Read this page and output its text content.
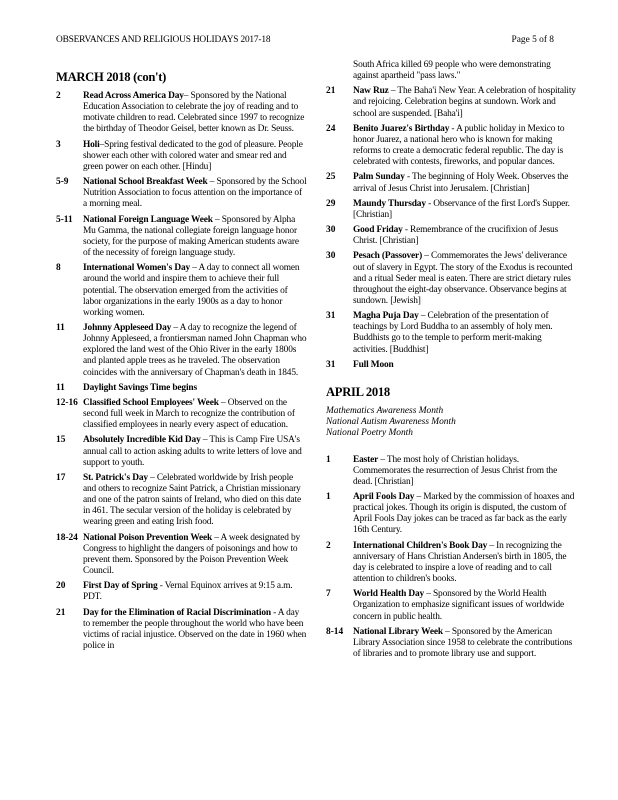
OBSERVANCES AND RELIGIOUS HOLIDAYS 2017-18	Page 5 of 8
MARCH 2018 (con't)
2	Read Across America Day– Sponsored by the National Education Association to celebrate the joy of reading and to motivate children to read. Celebrated since 1997 to recognize the birthday of Theodor Geisel, better known as Dr. Seuss.
3	Holi–Spring festival dedicated to the god of pleasure. People shower each other with colored water and smear red and green power on each other. [Hindu]
5-9	National School Breakfast Week – Sponsored by the School Nutrition Association to focus attention on the importance of a morning meal.
5-11	National Foreign Language Week – Sponsored by Alpha Mu Gamma, the national collegiate foreign language honor society, for the purpose of making American students aware of the necessity of foreign language study.
8	International Women's Day – A day to connect all women around the world and inspire them to achieve their full potential. The observation emerged from the activities of labor organizations in the early 1900s as a day to honor working women.
11	Johnny Appleseed Day – A day to recognize the legend of Johnny Appleseed, a frontiersman named John Chapman who explored the land west of the Ohio River in the early 1800s and planted apple trees as he traveled. The observation coincides with the anniversary of Chapman's death in 1845.
11	Daylight Savings Time begins
12-16 Classified School Employees' Week – Observed on the second full week in March to recognize the contribution of classified employees in nearly every aspect of education.
15	Absolutely Incredible Kid Day – This is Camp Fire USA's annual call to action asking adults to write letters of love and support to youth.
17	St. Patrick's Day – Celebrated worldwide by Irish people and others to recognize Saint Patrick, a Christian missionary and one of the patron saints of Ireland, who died on this date in 461. The secular version of the holiday is celebrated by wearing green and eating Irish food.
18-24 National Poison Prevention Week – A week designated by Congress to highlight the dangers of poisonings and how to prevent them. Sponsored by the Poison Prevention Week Council.
20	First Day of Spring - Vernal Equinox arrives at 9:15 a.m. PDT.
21	Day for the Elimination of Racial Discrimination - A day to remember the people throughout the world who have been victims of racial injustice. Observed on the date in 1960 when police in
South Africa killed 69 people who were demonstrating against apartheid "pass laws."
21	Naw Ruz – The Baha'i New Year. A celebration of hospitality and rejoicing. Celebration begins at sundown. Work and school are suspended. [Baha'i]
24	Benito Juarez's Birthday - A public holiday in Mexico to honor Juarez, a national hero who is known for making reforms to create a democratic federal republic. The day is celebrated with contests, fireworks, and popular dances.
25	Palm Sunday - The beginning of Holy Week. Observes the arrival of Jesus Christ into Jerusalem. [Christian]
29	Maundy Thursday - Observance of the first Lord's Supper. [Christian]
30	Good Friday - Remembrance of the crucifixion of Jesus Christ. [Christian]
30	Pesach (Passover) – Commemorates the Jews' deliverance out of slavery in Egypt. The story of the Exodus is recounted and a ritual Seder meal is eaten. There are strict dietary rules throughout the eight-day observance. Observance begins at sundown. [Jewish]
31	Magha Puja Day – Celebration of the presentation of teachings by Lord Buddha to an assembly of holy men. Buddhists go to the temple to perform merit-making activities. [Buddhist]
31	Full Moon
APRIL 2018
Mathematics Awareness Month
National Autism Awareness Month
National Poetry Month
1	Easter – The most holy of Christian holidays. Commemorates the resurrection of Jesus Christ from the dead. [Christian]
1	April Fools Day – Marked by the commission of hoaxes and practical jokes. Though its origin is disputed, the custom of April Fools Day jokes can be traced as far back as the early 16th Century.
2	International Children's Book Day – In recognizing the anniversary of Hans Christian Andersen's birth in 1805, the day is celebrated to inspire a love of reading and to call attention to children's books.
7	World Health Day – Sponsored by the World Health Organization to emphasize significant issues of worldwide concern in public health.
8-14	National Library Week – Sponsored by the American Library Association since 1958 to celebrate the contributions of libraries and to promote library use and support.
